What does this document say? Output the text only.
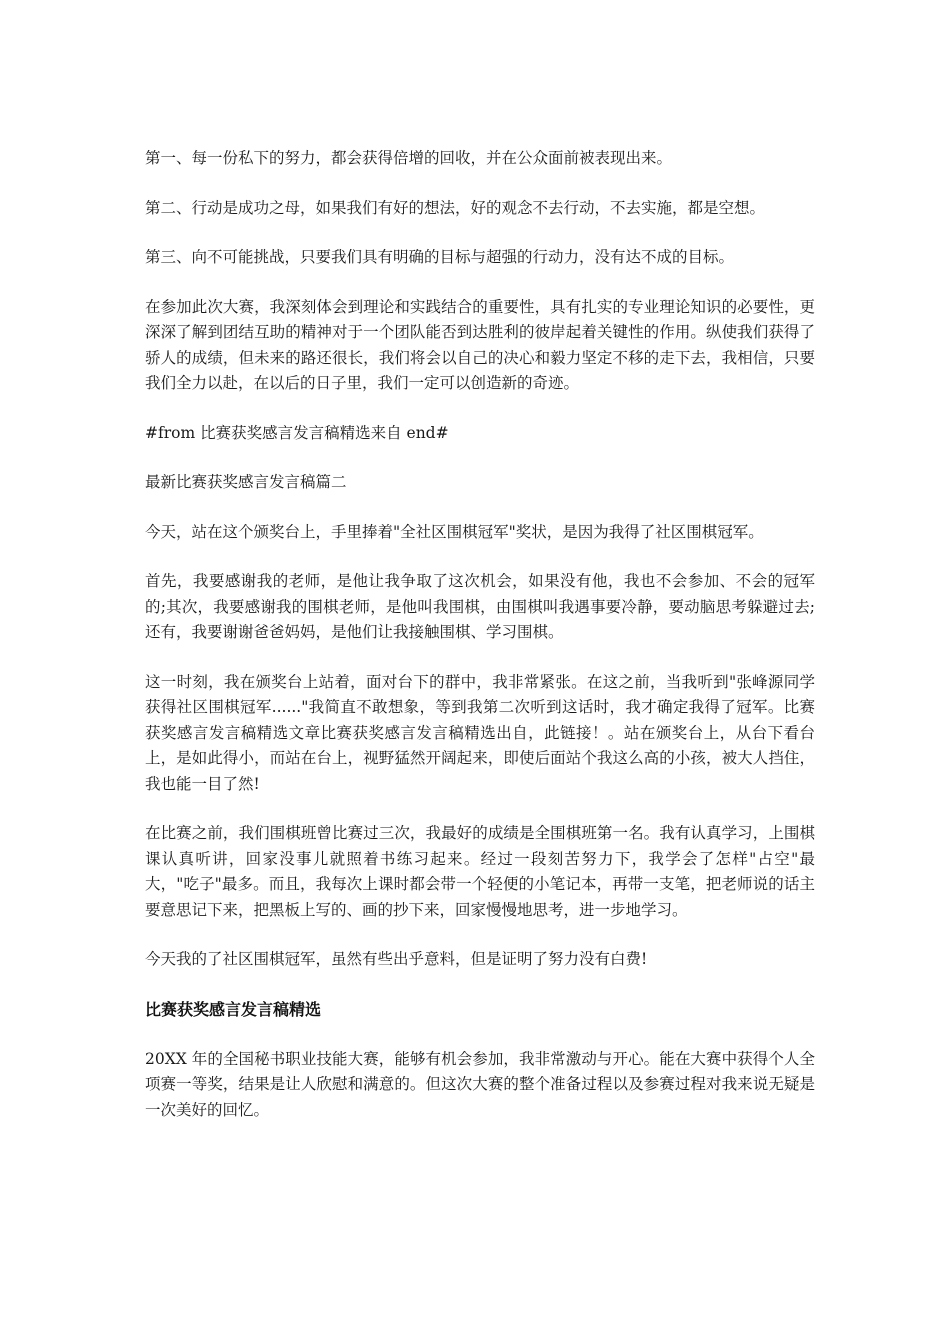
第一、每一份私下的努力，都会获得倍增的回收，并在公众面前被表现出来。

第二、行动是成功之母，如果我们有好的想法，好的观念不去行动，不去实施，都是空想。

第三、向不可能挑战，只要我们具有明确的目标与超强的行动力，没有达不成的目标。

在参加此次大赛，我深刻体会到理论和实践结合的重要性，具有扎实的专业理论知识的必要性，更深深了解到团结互助的精神对于一个团队能否到达胜利的彼岸起着关键性的作用。纵使我们获得了骄人的成绩，但未来的路还很长，我们将会以自己的决心和毅力坚定不移的走下去，我相信，只要我们全力以赴，在以后的日子里，我们一定可以创造新的奇迹。

#from 比赛获奖感言发言稿精选来自 end#

最新比赛获奖感言发言稿篇二

今天，站在这个颁奖台上，手里捧着"全社区围棋冠军"奖状，是因为我得了社区围棋冠军。

首先，我要感谢我的老师，是他让我争取了这次机会，如果没有他，我也不会参加、不会的冠军的;其次，我要感谢我的围棋老师，是他叫我围棋，由围棋叫我遇事要冷静，要动脑思考躲避过去;还有，我要谢谢爸爸妈妈，是他们让我接触围棋、学习围棋。

这一时刻，我在颁奖台上站着，面对台下的群中，我非常紧张。在这之前，当我听到"张峰源同学获得社区围棋冠军......"我简直不敢想象，等到我第二次听到这话时，我才确定我得了冠军。比赛获奖感言发言稿精选文章比赛获奖感言发言稿精选出自，此链接！。站在颁奖台上，从台下看台上，是如此得小，而站在台上，视野猛然开阔起来，即使后面站个我这么高的小孩，被大人挡住，我也能一目了然!

在比赛之前，我们围棋班曾比赛过三次，我最好的成绩是全围棋班第一名。我有认真学习，上围棋课认真听讲，回家没事儿就照着书练习起来。经过一段刻苦努力下，我学会了怎样"占空"最大，"吃子"最多。而且，我每次上课时都会带一个轻便的小笔记本，再带一支笔，把老师说的话主要意思记下来，把黑板上写的、画的抄下来，回家慢慢地思考，进一步地学习。

今天我的了社区围棋冠军，虽然有些出乎意料，但是证明了努力没有白费!

比赛获奖感言发言稿精选

20XX 年的全国秘书职业技能大赛，能够有机会参加，我非常激动与开心。能在大赛中获得个人全项赛一等奖，结果是让人欣慰和满意的。但这次大赛的整个准备过程以及参赛过程对我来说无疑是一次美好的回忆。
